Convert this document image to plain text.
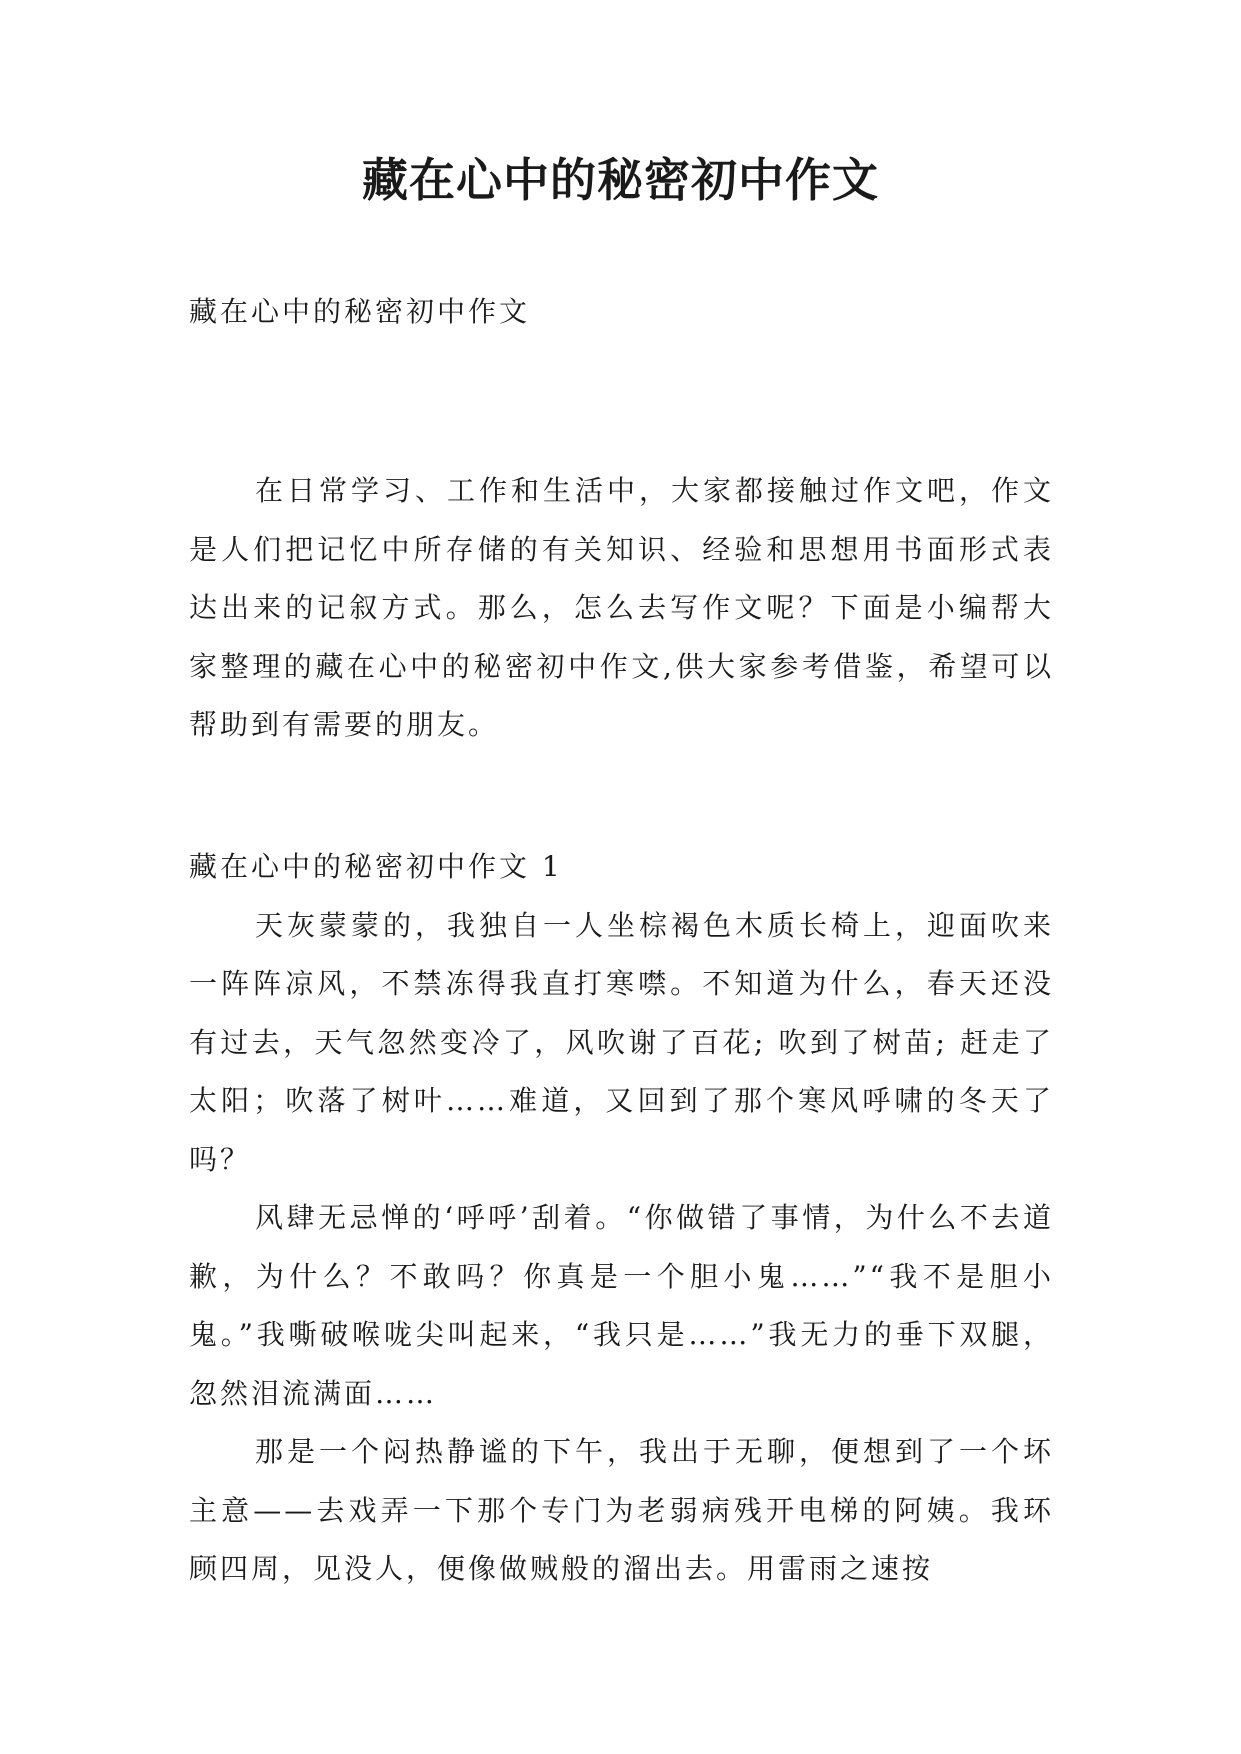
藏在心中的秘密初中作文

藏在心中的秘密初中作文

在日常学习、工作和生活中，大家都接触过作文吧，作文是人们把记忆中所存储的有关知识、经验和思想用书面形式表达出来的记叙方式。那么，怎么去写作文呢？下面是小编帮大家整理的藏在心中的秘密初中作文,供大家参考借鉴，希望可以帮助到有需要的朋友。

藏在心中的秘密初中作文 1

天灰蒙蒙的，我独自一人坐棕褐色木质长椅上，迎面吹来一阵阵凉风，不禁冻得我直打寒噤。不知道为什么，春天还没有过去，天气忽然变冷了，风吹谢了百花; 吹到了树苗; 赶走了太阳；吹落了树叶……难道，又回到了那个寒风呼啸的冬天了吗？

风肆无忌惮的‘呼呼’刮着。“你做错了事情，为什么不去道歉，为什么？不敢吗？你真是一个胆小鬼……”“我不是胆小鬼。”我嘶破喉咙尖叫起来，“我只是……”我无力的垂下双腿，忽然泪流满面……

那是一个闷热静谧的下午，我出于无聊，便想到了一个坏主意——去戏弄一下那个专门为老弱病残开电梯的阿姨。我环顾四周，见没人，便像做贼般的溜出去。用雷雨之速按
